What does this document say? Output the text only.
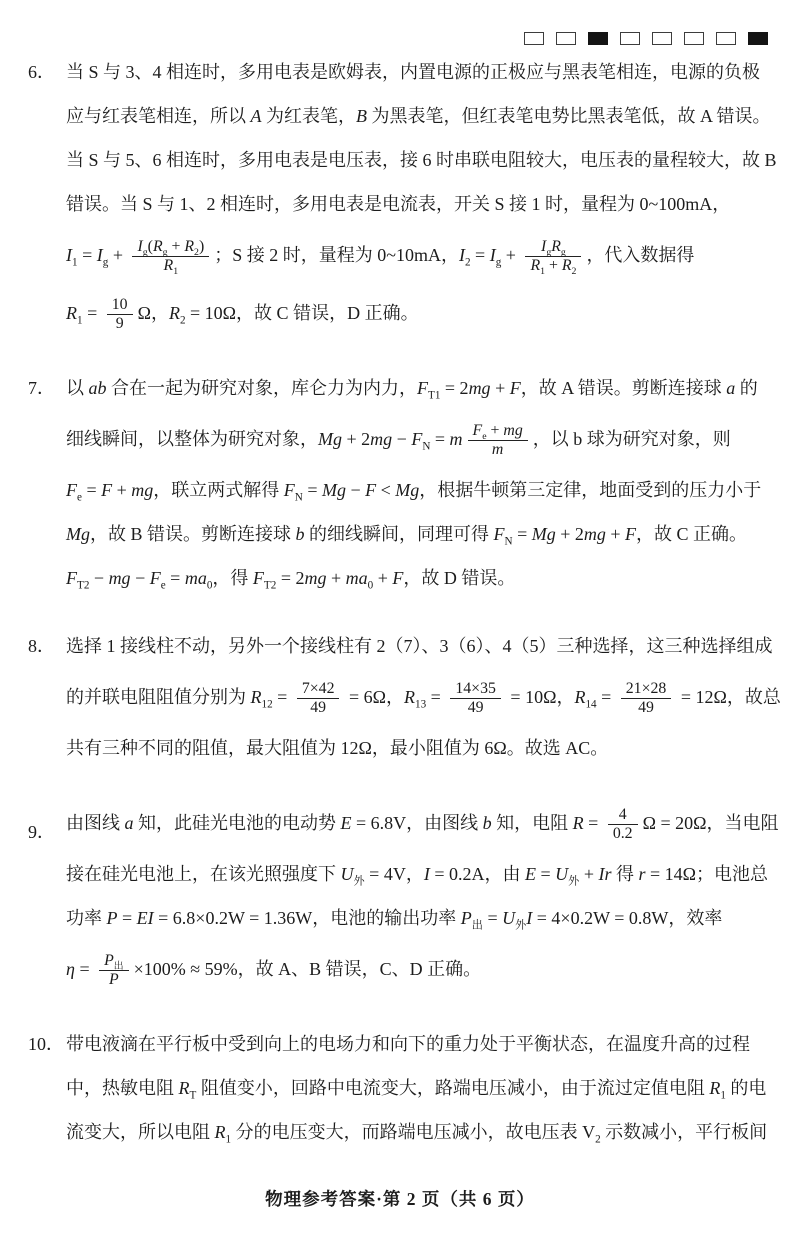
6． 当 S 与 3、4 相连时，多用电表是欧姆表，内置电源的正极应与黑表笔相连，电源的负极
应与红表笔相连，所以 A 为红表笔，B 为黑表笔，但红表笔电势比黑表笔低，故 A 错误。
当 S 与 5、6 相连时，多用电表是电压表，接 6 时串联电阻较大，电压表的量程较大，故 B
错误。当 S 与 1、2 相连时，多用电表是电流表，开关 S 接 1 时，量程为 0~100mA，
$I_1 = I_g + \frac{I_g(R_g + R_2)}{R_1}$ ；S 接 2 时，量程为 0~10mA，$I_2 = I_g + \frac{I_gR_g}{R_1 + R_2}$ ，代入数据得
$R_1 = \frac{10}{9}$ Ω，$R_2 = 10\Omega$，故 C 错误，D 正确。
7． 以 ab 合在一起为研究对象，库仑力为内力，$F_{T1} = 2mg + F$，故 A 错误。剪断连接球 a 的
细线瞬间，以整体为研究对象，$Mg + 2mg - F_N = m \frac{F_e + mg}{m}$ ，以 b 球为研究对象，则
$F_e = F$ + mg，联立两式解得 $F_N = Mg - F < Mg$，根据牛顿第三定律，地面受到的压力小于
Mg，故 B 错误。剪断连接球 b 的细线瞬间，同理可得 $F_N = Mg + 2mg + F$，故 C 正确。
$F_{T2}$ − mg − $F_e = ma_0$，得 $F_{T2} = 2mg + ma_0 + F$，故 D 错误。
8． 选择 1 接线柱不动，另外一个接线柱有 2（7）、3（6）、4（5）三种选择，这三种选择组成
的并联电阻阻值分别为 $R_{12} = \frac{7\times 42}{49} = 6\Omega$，$R_{13} = \frac{14\times 35}{49} = 10\Omega$，$R_{14} = \frac{21\times 28}{49} = 12\Omega$，故总
共有三种不同的阻值，最大阻值为 12Ω，最小阻值为 6Ω。故选 AC。
9． 由图线 a 知，此硅光电池的电动势 E = 6.8V，由图线 b 知，电阻 $R = \frac{4}{0.2}$ Ω = 20Ω，当电阻
接在硅光电池上，在该光照强度下 $U_外 = 4V$，I = 0.2A，由 $E = U_外 + Ir$ 得 r = 14Ω；电池总
功率 P = EI = 6.8×0.2W = 1.36W，电池的输出功率 $P_出 = U_外I = 4\times 0.2W = 0.8W$，效率
$\eta = \frac{P_出}{P} \times 100\% \approx 59\%$，故 A、B 错误，C、D 正确。
10． 带电液滴在平行板中受到向上的电场力和向下的重力处于平衡状态，在温度升高的过程
中，热敏电阻 $R_T$ 阻值变小，回路中电流变大，路端电压减小，由于流过定值电阻 $R_1$ 的电
流变大，所以电阻 $R_1$ 分的电压变大，而路端电压减小，故电压表 $V_2$ 示数减小，平行板间
物理参考答案·第 2 页（共 6 页）
